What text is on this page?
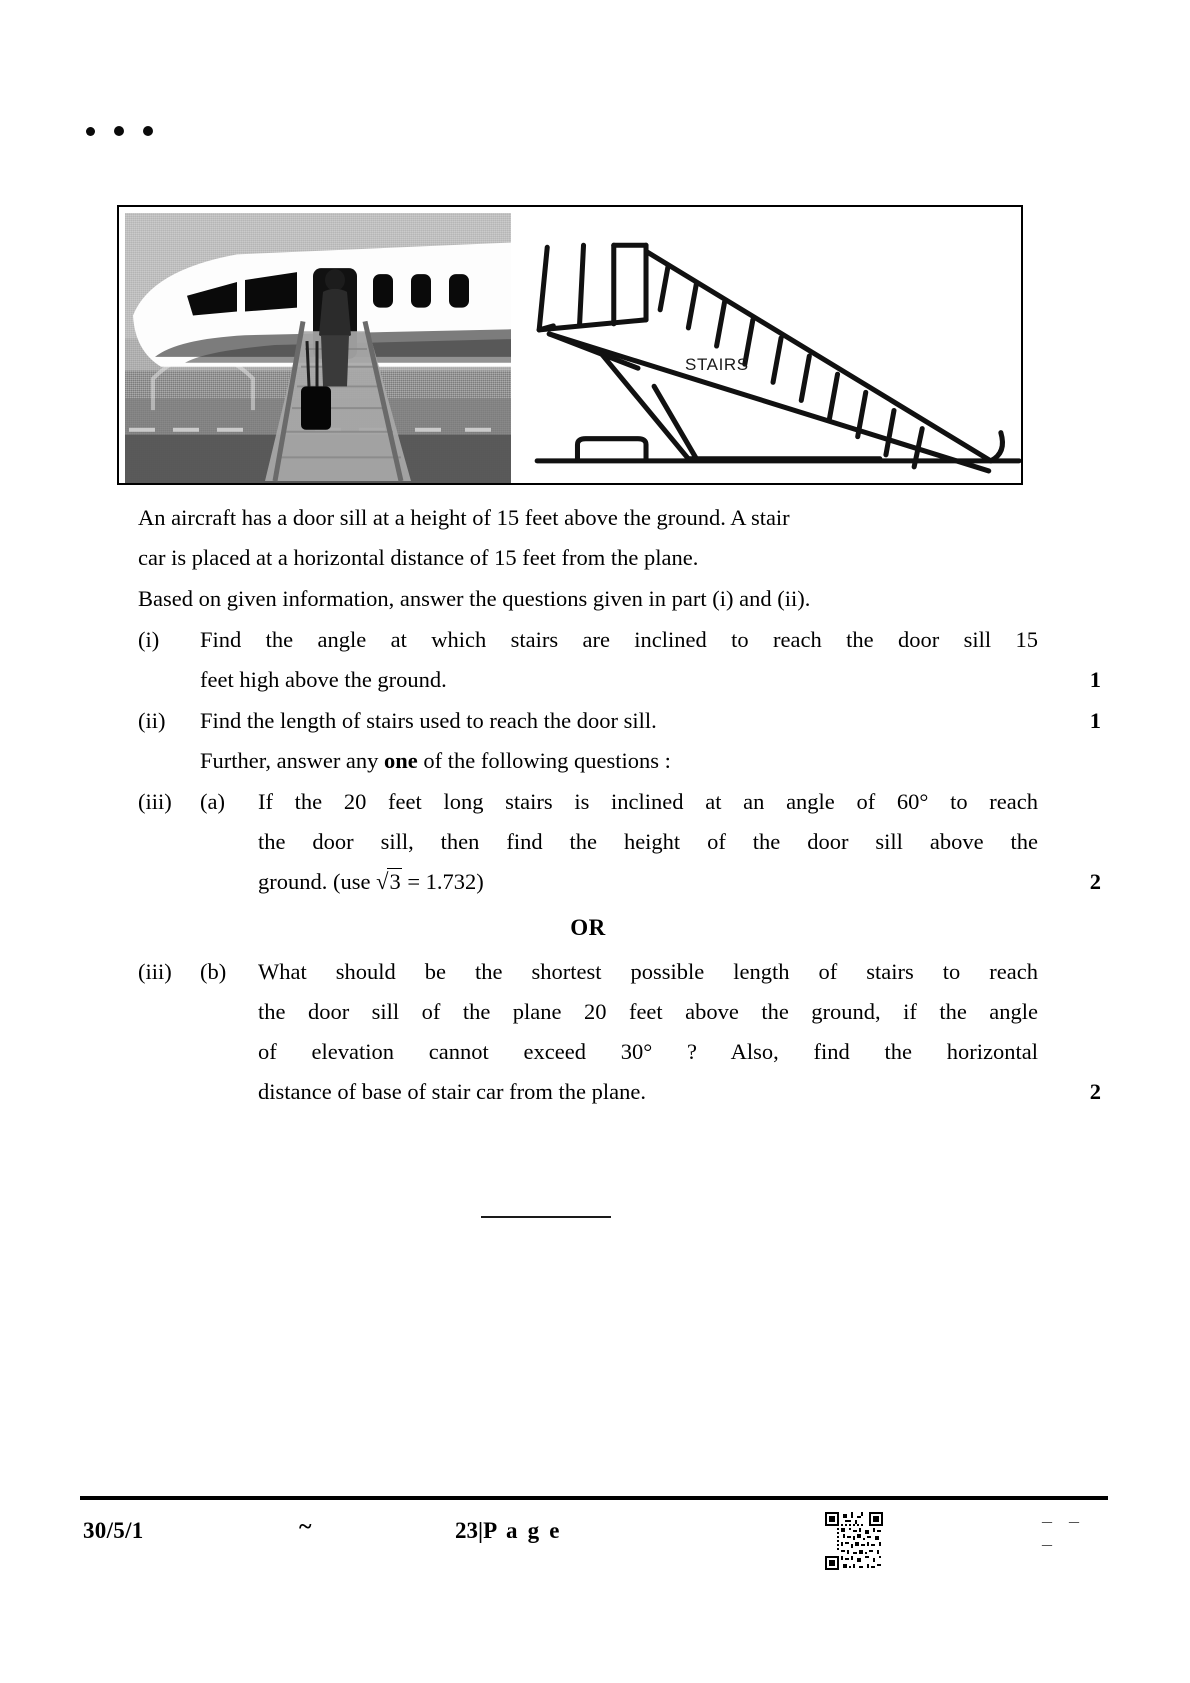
STAIRS
An aircraft has a door sill at a height of 15 feet above the ground. A stair
car is placed at a horizontal distance of 15 feet from the plane.
Based on given information, answer the questions given in part (i) and (ii).
(i)	Find the angle at which stairs are inclined to reach the door sill 15
feet high above the ground.	1
(ii)	Find the length of stairs used to reach the door sill.	1
Further, answer any one of the following questions :
(iii)	(a)	If the 20 feet long stairs is inclined at an angle of 60° to reach
the door sill, then find the height of the door sill above the
ground. (use √3 = 1.732)	2
OR
(iii)	(b)	What should be the shortest possible length of stairs to reach
the door sill of the plane 20 feet above the ground, if the angle
of elevation cannot exceed 30° ? Also, find the horizontal
distance of base of stair car from the plane.	2
30/5/1	~	23|P a g e	– – –
